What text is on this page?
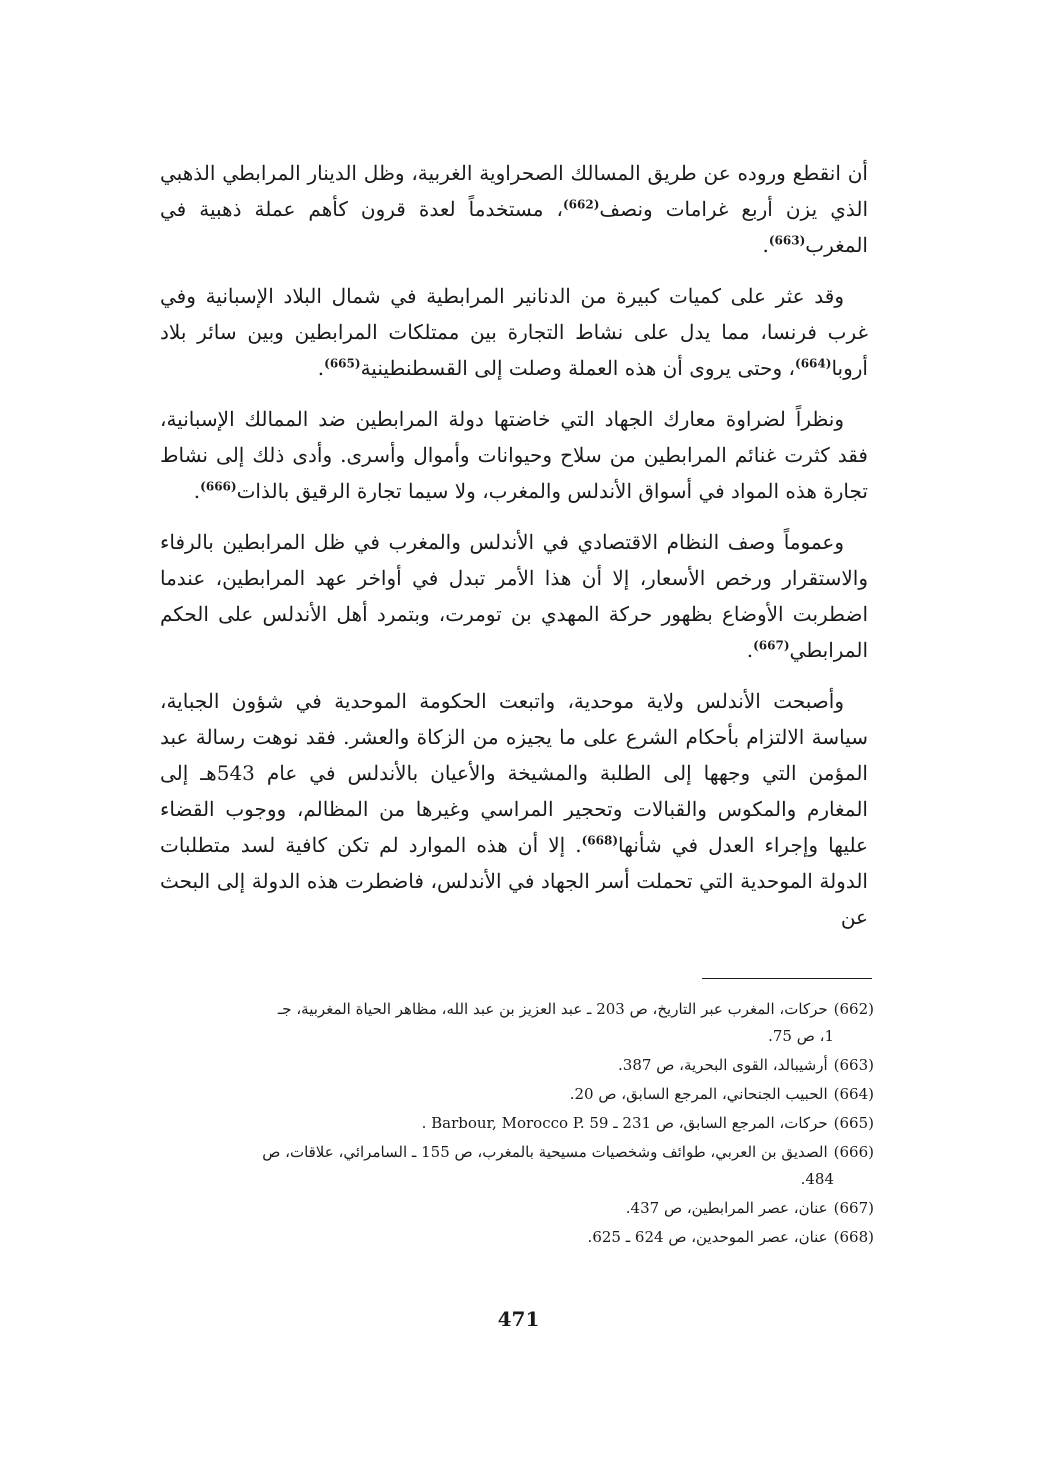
أن انقطع وروده عن طريق المسالك الصحراوية الغربية، وظل الدينار المرابطي الذهبي الذي يزن أربع غرامات ونصف$^{(662)}$، مستخدماً لعدة قرون كأهم عملة ذهبية في المغرب$^{(663)}$.

وقد عثر على كميات كبيرة من الدنانير المرابطية في شمال البلاد الإسبانية وفي غرب فرنسا، مما يدل على نشاط التجارة بين ممتلكات المرابطين وبين سائر بلاد أروبا$^{(664)}$، وحتى يروى أن هذه العملة وصلت إلى القسطنطينية$^{(665)}$.

ونظراً لضراوة معارك الجهاد التي خاضتها دولة المرابطين ضد الممالك الإسبانية، فقد كثرت غنائم المرابطين من سلاح وحيوانات وأموال وأسرى. وأدى ذلك إلى نشاط تجارة هذه المواد في أسواق الأندلس والمغرب، ولا سيما تجارة الرقيق بالذات$^{(666)}$.

وعموماً وصف النظام الاقتصادي في الأندلس والمغرب في ظل المرابطين بالرفاء والاستقرار ورخص الأسعار، إلا أن هذا الأمر تبدل في أواخر عهد المرابطين، عندما اضطربت الأوضاع بظهور حركة المهدي بن تومرت، وبتمرد أهل الأندلس على الحكم المرابطي$^{(667)}$.

وأصبحت الأندلس ولاية موحدية، واتبعت الحكومة الموحدية في شؤون الجباية، سياسة الالتزام بأحكام الشرع على ما يجيزه من الزكاة والعشر. فقد نوهت رسالة عبد المؤمن التي وجهها إلى الطلبة والمشيخة والأعيان بالأندلس في عام 543هـ إلى المغارم والمكوس والقبالات وتحجير المراسي وغيرها من المظالم، ووجوب القضاء عليها وإجراء العدل في شأنها$^{(668)}$. إلا أن هذه الموارد لم تكن كافية لسد متطلبات الدولة الموحدية التي تحملت أسر الجهاد في الأندلس، فاضطرت هذه الدولة إلى البحث عن

(662)حركات، المغرب عبر التاريخ، ص 203 ـ عبد العزيز بن عبد الله، مظاهر الحياة المغربية، جـ
1، ص 75.
(663)أرشيبالد، القوى البحرية، ص 387.
(664)الحبيب الجنحاني، المرجع السابق، ص 20.
(665)حركات، المرجع السابق، ص 231 ـ Barbour, Morocco P. 59 .
(666)الصديق بن العربي، طوائف وشخصيات مسيحية بالمغرب، ص 155 ـ السامرائي، علاقات، ص
484.
(667)عنان، عصر المرابطين، ص 437.
(668)عنان، عصر الموحدين، ص 624 ـ 625.
471
